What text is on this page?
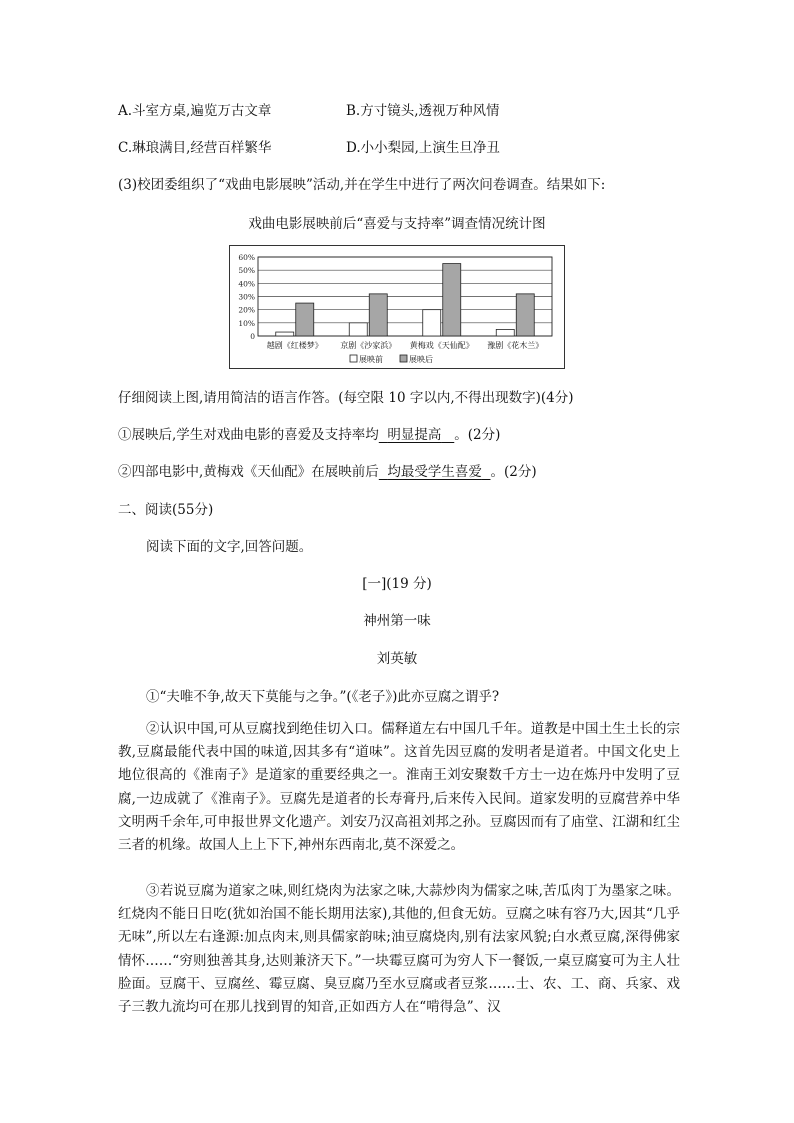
A.斗室方桌,遍览万古文章	B.方寸镜头,透视万种风情
C.琳琅满目,经营百样繁华	D.小小梨园,上演生旦净丑
(3)校团委组织了“戏曲电影展映”活动,并在学生中进行了两次问卷调查。结果如下:
戏曲电影展映前后“喜爱与支持率”调查情况统计图
0
10%
20%
30%
40%
50%
60%
越剧《红楼梦》 京剧《沙家浜》 黄梅戏《天仙配》 豫剧《花木兰》
展映前	展映后
仔细阅读上图,请用简洁的语言作答。(每空限 10 字以内,不得出现数字)(4分)
①展映后,学生对戏曲电影的喜爱及支持率均 明显提高 。(2分)
②四部电影中,黄梅戏《天仙配》在展映前后 均最受学生喜爱 。(2分)
二、阅读(55分)
阅读下面的文字,回答问题。
[一](19 分)
神州第一味
刘英敏
①“夫唯不争,故天下莫能与之争。”(《老子》)此亦豆腐之谓乎?
②认识中国,可从豆腐找到绝佳切入口。儒释道左右中国几千年。道教是中国土生土长的宗教,豆腐最能代表中国的味道,因其多有“道味”。这首先因豆腐的发明者是道者。中国文化史上地位很高的《淮南子》是道家的重要经典之一。淮南王刘安聚数千方士一边在炼丹中发明了豆腐,一边成就了《淮南子》。豆腐先是道者的长寿膏丹,后来传入民间。道家发明的豆腐营养中华文明两千余年,可申报世界文化遗产。刘安乃汉高祖刘邦之孙。豆腐因而有了庙堂、江湖和红尘三者的机缘。故国人上上下下,神州东西南北,莫不深爱之。
③若说豆腐为道家之味,则红烧肉为法家之味,大蒜炒肉为儒家之味,苦瓜肉丁为墨家之味。红烧肉不能日日吃(犹如治国不能长期用法家),其他的,但食无妨。豆腐之味有容乃大,因其“几乎无味”,所以左右逢源:加点肉末,则具儒家韵味;油豆腐烧肉,别有法家风貌;白水煮豆腐,深得佛家情怀……“穷则独善其身,达则兼济天下。”一块霉豆腐可为穷人下一餐饭,一桌豆腐宴可为主人壮脸面。豆腐干、豆腐丝、霉豆腐、臭豆腐乃至水豆腐或者豆浆……士、农、工、商、兵家、戏子三教九流均可在那儿找到胃的知音,正如西方人在“啃得急”、汉
